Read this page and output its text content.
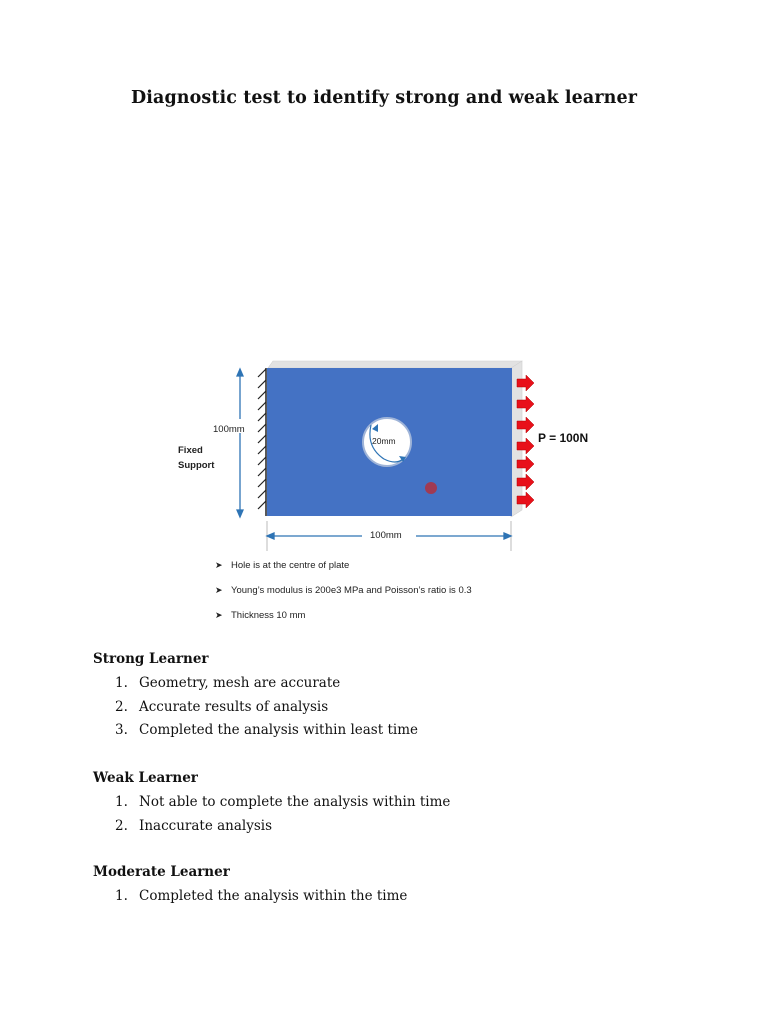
Diagnostic test to identify strong and weak learner
100mm
Fixed
Support
20mm	P = 100N
100mm
➤ Hole is at the centre of plate
➤ Young’s modulus is 200e3 MPa and Poisson’s ratio is 0.3
➤ Thickness 10 mm
Strong Learner
1. Geometry, mesh are accurate
2. Accurate results of analysis
3. Completed the analysis within least time
Weak Learner
1. Not able to complete the analysis within time
2. Inaccurate analysis
Moderate Learner
1. Completed the analysis within the time
